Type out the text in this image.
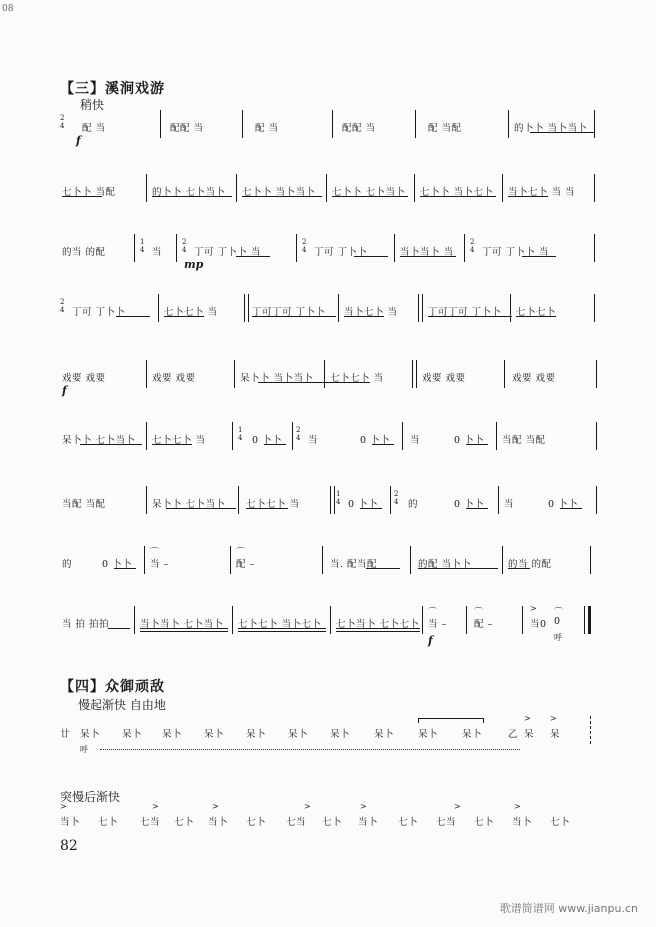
08
【三】溪涧戏游
稍快
2
4
f
配 当	配配 当	配 当	配配 当	配 当配	的卜卜 当卜当卜
七卜卜 当配	的卜卜 七卜当卜 七卜卜 当卜当卜 七卜卜 七卜当卜 七卜卜 当卜七卜 当卜七卜 当 当
的当 的配
1
4 当
2
4
mp
丁可 丁卜卜 当
2
4 丁可 丁卜卜	当卜当卜 当
2
4 丁可 丁卜卜 当
2
4 丁可 丁卜卜	七卜七卜 当	丁可丁可 丁卜卜 当卜七卜 当	丁可丁可 丁卜卜 七卜七卜
戏要 戏要
f
戏要 戏要	呆卜卜 当卜当卜 七卜七卜 当	戏要 戏要	戏要 戏要
呆卜卜 七卜当卜 七卜七卜 当
1
4 0 卜卜
2
4 当	0 卜卜 当	0 卜卜 当配 当配
当配 当配	呆卜卜 七卜当卜 七卜七卜 当
1
4 0 卜卜
2
4 的	0 卜卜 当	0 卜卜
的	0 卜卜
⌒
当 –
⌒
配 –	当. 配当配	的配 当卜卜	的当 的配
当 拍 拍拍	当卜当卜 七卜当卜 七卜七卜 当卜七卜 七卜当卜 七卜七卜
⌒
当 –
f
⌒
配 –
>
当0
⌒
0
呼
【四】众御顽敌
慢起渐快 自由地
廿 呆卜 呆卜 呆卜 呆卜 呆卜 呆卜 呆卜	呆卜	呆卜	呆卜	乙
>
呆
>
呆
呼
突慢后渐快
>
当卜 七卜
>
七当 七卜
>
当卜 七卜
>
七当 七卜
>
当卜 七卜
>
七当 七卜
>
当卜 七卜
82
歌谱简谱网 www.jianpu.cn
